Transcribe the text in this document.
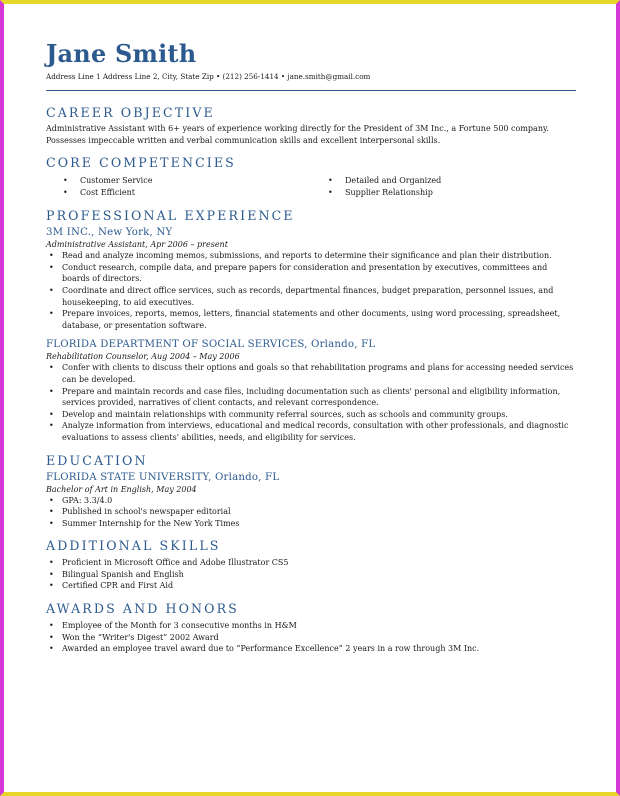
Jane Smith
Address Line 1 Address Line 2, City, State Zip • (212) 256-1414 • jane.smith@gmail.com
CAREER OBJECTIVE

Administrative Assistant with 6+ years of experience working directly for the President of 3M Inc., a Fortune 500 company. Possesses impeccable written and verbal communication skills and excellent interpersonal skills.

CORE COMPETENCIES
• Customer Service
• Cost Efficient
• Detailed and Organized
• Supplier Relationship
PROFESSIONAL EXPERIENCE
3M INC., New York, NY
Administrative Assistant, Apr 2006 – present
• Read and analyze incoming memos, submissions, and reports to determine their significance and plan their distribution.
• Conduct research, compile data, and prepare papers for consideration and presentation by executives, committees and boards of directors.
• Coordinate and direct office services, such as records, departmental finances, budget preparation, personnel issues, and housekeeping, to aid executives.
• Prepare invoices, reports, memos, letters, financial statements and other documents, using word processing, spreadsheet, database, or presentation software.
FLORIDA DEPARTMENT OF SOCIAL SERVICES, Orlando, FL
Rehabilitation Counselor, Aug 2004 – May 2006
• Confer with clients to discuss their options and goals so that rehabilitation programs and plans for accessing needed services can be developed.
• Prepare and maintain records and case files, including documentation such as clients' personal and eligibility information, services provided, narratives of client contacts, and relevant correspondence.
• Develop and maintain relationships with community referral sources, such as schools and community groups.
• Analyze information from interviews, educational and medical records, consultation with other professionals, and diagnostic evaluations to assess clients' abilities, needs, and eligibility for services.
EDUCATION
FLORIDA STATE UNIVERSITY, Orlando, FL
Bachelor of Art in English, May 2004
• GPA: 3.3/4.0
• Published in school's newspaper editorial
• Summer Internship for the New York Times
ADDITIONAL SKILLS
• Proficient in Microsoft Office and Adobe Illustrator CS5
• Bilingual Spanish and English
• Certified CPR and First Aid
AWARDS AND HONORS
• Employee of the Month for 3 consecutive months in H&M
• Won the “Writer's Digest” 2002 Award
• Awarded an employee travel award due to “Performance Excellence” 2 years in a row through 3M Inc.
